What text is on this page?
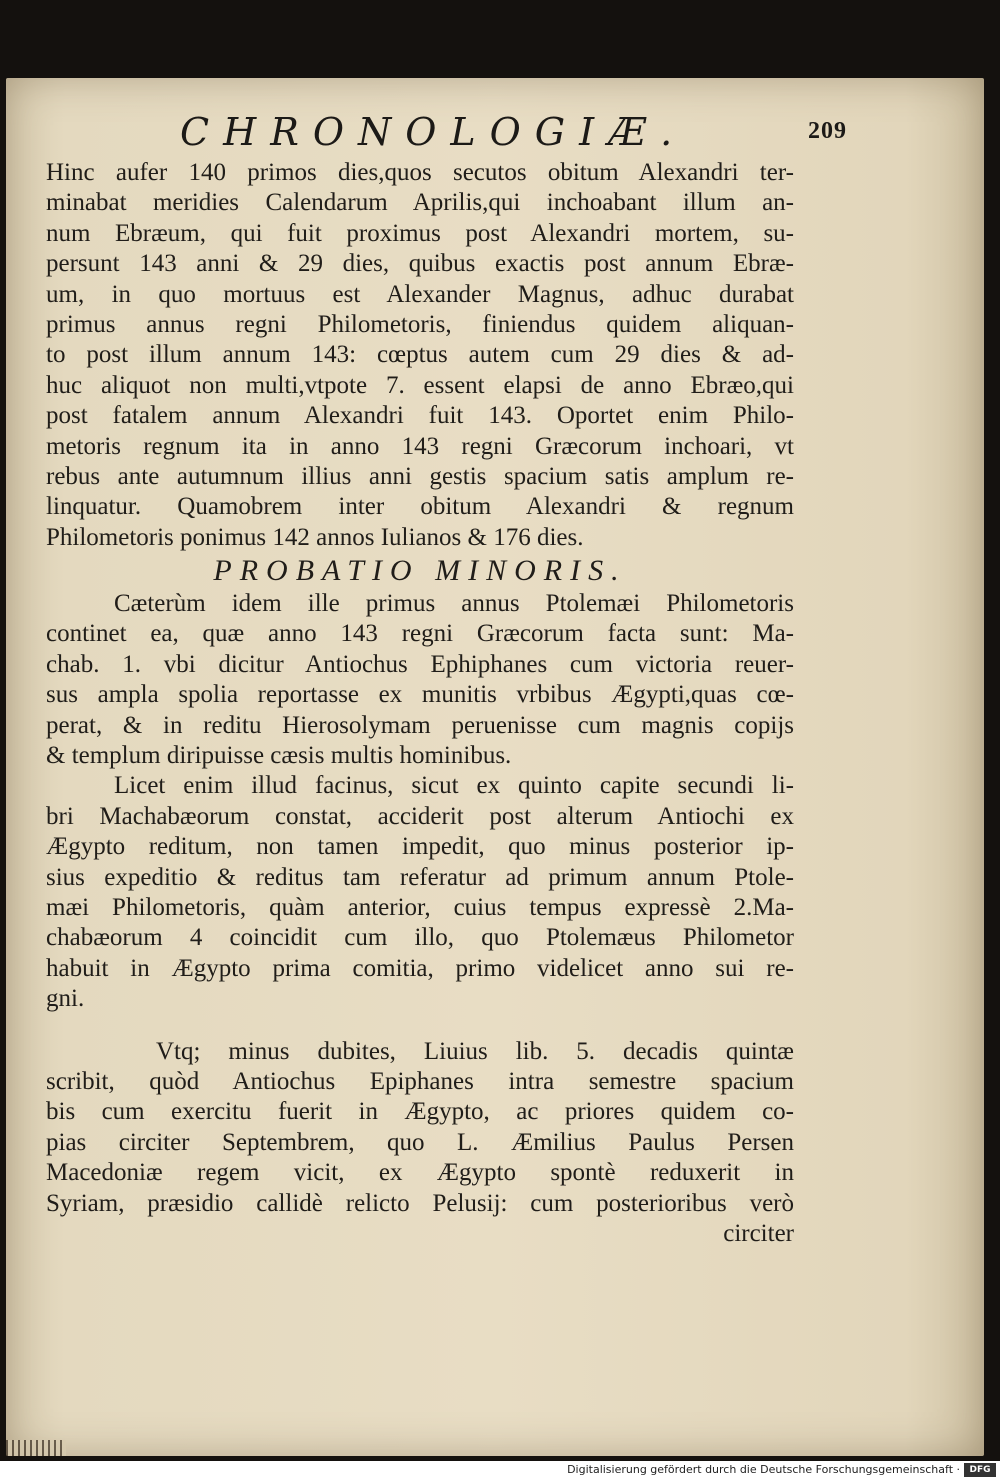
CHRONOLOGIÆ.	209
Hinc aufer 140 primos dies,quos secutos obitum Alexandri ter-
minabat meridies Calendarum Aprilis,qui inchoabant illum an-
num Ebræum, qui fuit proximus post Alexandri mortem, su-
persunt 143 anni & 29 dies, quibus exactis post annum Ebræ-
um, in quo mortuus est Alexander Magnus, adhuc durabat
primus annus regni Philometoris, finiendus quidem aliquan-
to post illum annum 143: cœptus autem cum 29 dies & ad-
huc aliquot non multi,vtpote 7. essent elapsi de anno Ebræo,qui
post fatalem annum Alexandri fuit 143. Oportet enim Philo-
metoris regnum ita in anno 143 regni Græcorum inchoari, vt
rebus ante autumnum illius anni gestis spacium satis amplum re-
linquatur. Quamobrem inter obitum Alexandri & regnum
Philometoris ponimus 142 annos Iulianos & 176 dies.
PROBATIO MINORIS.
Cæterùm idem ille primus annus Ptolemæi Philometoris
continet ea, quæ anno 143 regni Græcorum facta sunt: Ma-
chab. 1. vbi dicitur Antiochus Ephiphanes cum victoria reuer-
sus ampla spolia reportasse ex munitis vrbibus Ægypti,quas cœ-
perat, & in reditu Hierosolymam peruenisse cum magnis copijs
& templum diripuisse cæsis multis hominibus.
Licet enim illud facinus, sicut ex quinto capite secundi li-
bri Machabæorum constat, acciderit post alterum Antiochi ex
Ægypto reditum, non tamen impedit, quo minus posterior ip-
sius expeditio & reditus tam referatur ad primum annum Ptole-
mæi Philometoris, quàm anterior, cuius tempus expressè 2.Ma-
chabæorum 4 coincidit cum illo, quo Ptolemæus Philometor
habuit in Ægypto prima comitia, primo videlicet anno sui re-
gni.
Vtq; minus dubites, Liuius lib. 5. decadis quintæ
scribit, quòd Antiochus Epiphanes intra semestre spacium
bis cum exercitu fuerit in Ægypto, ac priores quidem co-
pias circiter Septembrem, quo L. Æmilius Paulus Persen
Macedoniæ regem vicit, ex Ægypto spontè reduxerit in
Syriam, præsidio callidè relicto Pelusij: cum posterioribus verò
circiter
Digitalisierung gefördert durch die Deutsche Forschungsgemeinschaft ·	DFG
